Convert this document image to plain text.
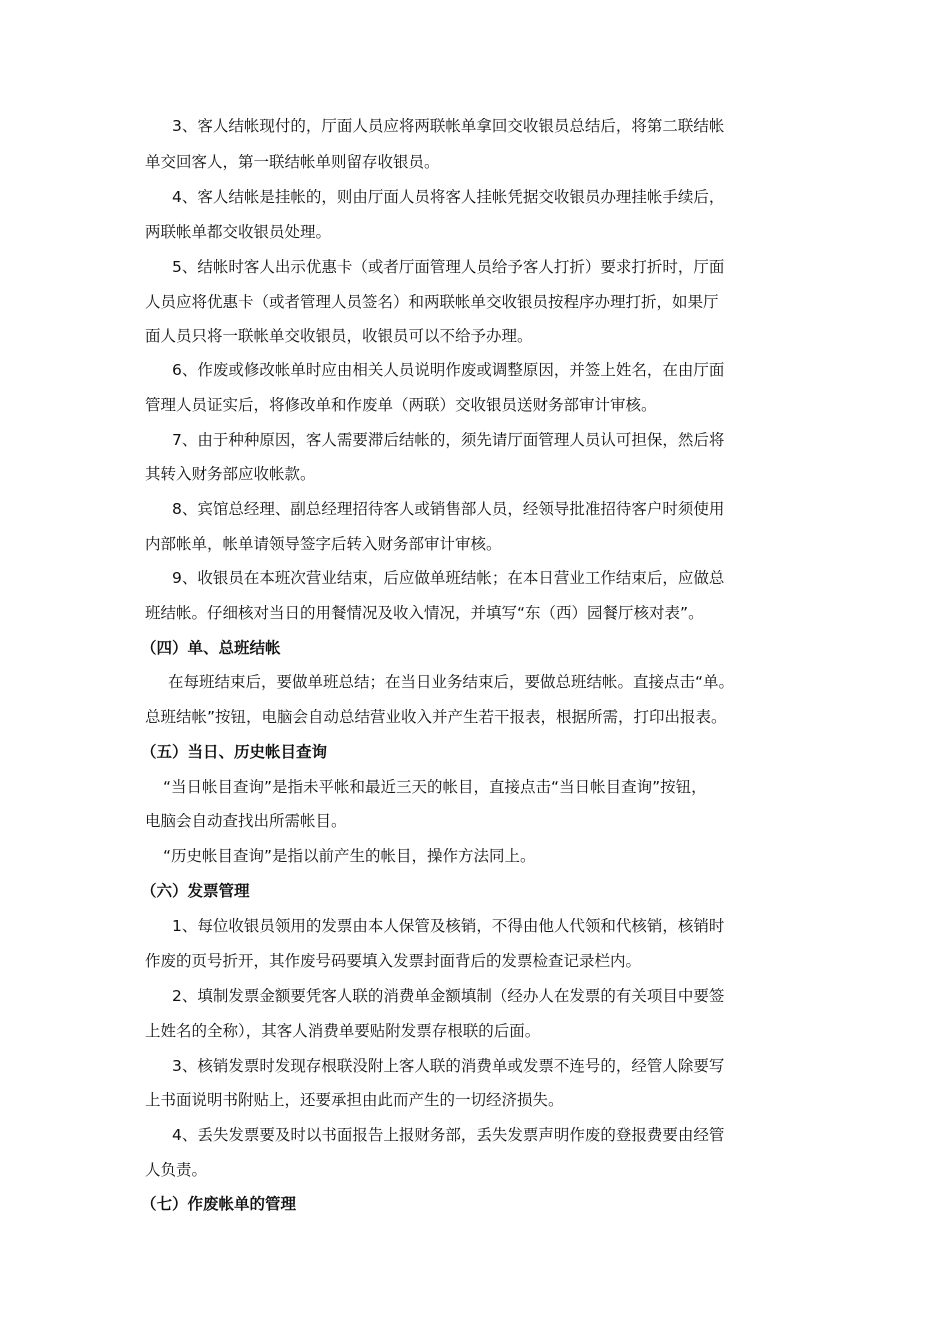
3、客人结帐现付的，厅面人员应将两联帐单拿回交收银员总结后，将第二联结帐
单交回客人，第一联结帐单则留存收银员。
4、客人结帐是挂帐的，则由厅面人员将客人挂帐凭据交收银员办理挂帐手续后，
两联帐单都交收银员处理。
5、结帐时客人出示优惠卡（或者厅面管理人员给予客人打折）要求打折时，厅面
人员应将优惠卡（或者管理人员签名）和两联帐单交收银员按程序办理打折，如果厅
面人员只将一联帐单交收银员，收银员可以不给予办理。
6、作废或修改帐单时应由相关人员说明作废或调整原因，并签上姓名，在由厅面
管理人员证实后，将修改单和作废单（两联）交收银员送财务部审计审核。
7、由于种种原因，客人需要滞后结帐的，须先请厅面管理人员认可担保，然后将
其转入财务部应收帐款。
8、宾馆总经理、副总经理招待客人或销售部人员，经领导批准招待客户时须使用
内部帐单，帐单请领导签字后转入财务部审计审核。
9、收银员在本班次营业结束，后应做单班结帐；在本日营业工作结束后，应做总
班结帐。仔细核对当日的用餐情况及收入情况，并填写“东（西）园餐厅核对表”。
（四）单、总班结帐
在每班结束后，要做单班总结；在当日业务结束后，要做总班结帐。直接点击“单。
总班结帐”按钮，电脑会自动总结营业收入并产生若干报表，根据所需，打印出报表。
（五）当日、历史帐目查询
“当日帐目查询”是指未平帐和最近三天的帐目，直接点击“当日帐目查询”按钮，
电脑会自动查找出所需帐目。
“历史帐目查询”是指以前产生的帐目，操作方法同上。
（六）发票管理
1、每位收银员领用的发票由本人保管及核销，不得由他人代领和代核销，核销时
作废的页号折开，其作废号码要填入发票封面背后的发票检查记录栏内。
2、填制发票金额要凭客人联的消费单金额填制（经办人在发票的有关项目中要签
上姓名的全称），其客人消费单要贴附发票存根联的后面。
3、核销发票时发现存根联没附上客人联的消费单或发票不连号的，经管人除要写
上书面说明书附贴上，还要承担由此而产生的一切经济损失。
4、丢失发票要及时以书面报告上报财务部，丢失发票声明作废的登报费要由经管
人负责。
（七）作废帐单的管理
